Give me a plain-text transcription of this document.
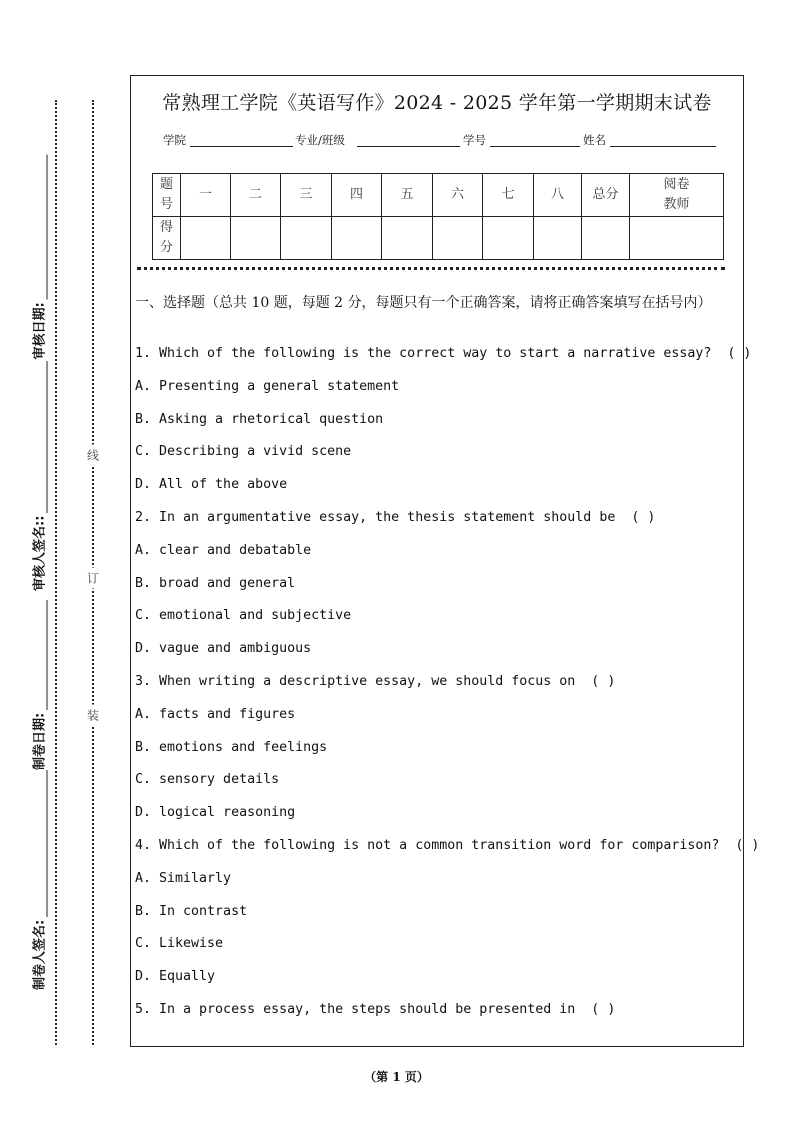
审核日期:
审核人签名::
制卷日期:
制卷人签名:
线
订
装
常熟理工学院《英语写作》2024 - 2025 学年第一学期期末试卷
学院	专业/班级	学号	姓名
题号	一	二	三	四	五	六	七	八	总分	阅卷教师
得分										
一、选择题（总共 10 题，每题 2 分，每题只有一个正确答案，请将正确答案填写在括号内）
1. Which of the following is the correct way to start a narrative essay?  ( )
A. Presenting a general statement
B. Asking a rhetorical question
C. Describing a vivid scene
D. All of the above
2. In an argumentative essay, the thesis statement should be  ( )
A. clear and debatable
B. broad and general
C. emotional and subjective
D. vague and ambiguous
3. When writing a descriptive essay, we should focus on  ( )
A. facts and figures
B. emotions and feelings
C. sensory details
D. logical reasoning
4. Which of the following is not a common transition word for comparison?  ( )
A. Similarly
B. In contrast
C. Likewise
D. Equally
5. In a process essay, the steps should be presented in  ( )
（第 1 页）
